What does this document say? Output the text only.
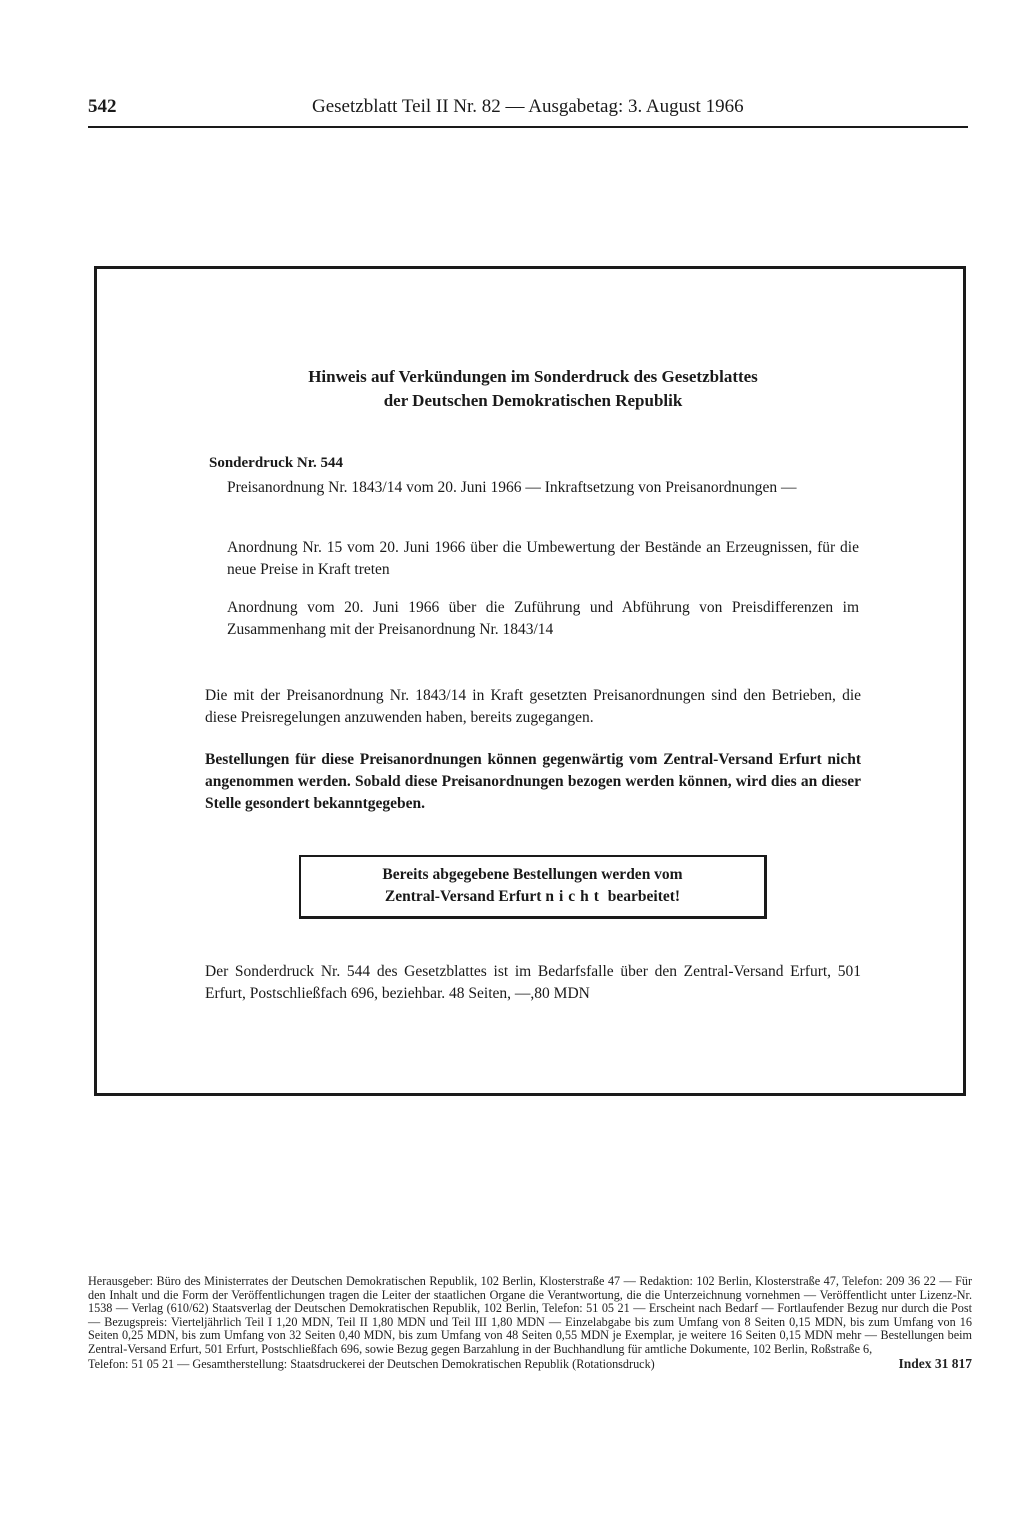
542	Gesetzblatt Teil II Nr. 82 — Ausgabetag: 3. August 1966
Hinweis auf Verkündungen im Sonderdruck des Gesetzblattes
der Deutschen Demokratischen Republik
Sonderdruck Nr. 544
Preisanordnung Nr. 1843/14 vom 20. Juni 1966 — Inkraftsetzung von Preisanordnungen —
Anordnung Nr. 15 vom 20. Juni 1966 über die Umbewertung der Bestände an Erzeugnissen, für die neue Preise in Kraft treten
Anordnung vom 20. Juni 1966 über die Zuführung und Abführung von Preisdifferenzen im Zusammenhang mit der Preisanordnung Nr. 1843/14
Die mit der Preisanordnung Nr. 1843/14 in Kraft gesetzten Preisanordnungen sind den Betrieben, die diese Preisregelungen anzuwenden haben, bereits zugegangen.
Bestellungen für diese Preisanordnungen können gegenwärtig vom Zentral-Versand Erfurt nicht angenommen werden. Sobald diese Preisanordnungen bezogen werden können, wird dies an dieser Stelle gesondert bekanntgegeben.
Bereits abgegebene Bestellungen werden vom
Zentral-Versand Erfurt nicht bearbeitet!
Der Sonderdruck Nr. 544 des Gesetzblattes ist im Bedarfsfalle über den Zentral-Versand Erfurt, 501 Erfurt, Postschließfach 696, beziehbar. 48 Seiten, —,80 MDN
Herausgeber: Büro des Ministerrates der Deutschen Demokratischen Republik, 102 Berlin, Klosterstraße 47 — Redaktion: 102 Berlin, Klosterstraße 47, Telefon: 209 36 22 — Für den Inhalt und die Form der Veröffentlichungen tragen die Leiter der staatlichen Organe die Verantwortung, die die Unterzeichnung vornehmen — Veröffentlicht unter Lizenz-Nr. 1538 — Verlag (610/62) Staatsverlag der Deutschen Demokratischen Republik, 102 Berlin, Telefon: 51 05 21 — Erscheint nach Bedarf — Fortlaufender Bezug nur durch die Post — Bezugspreis: Vierteljährlich Teil I 1,20 MDN, Teil II 1,80 MDN und Teil III 1,80 MDN — Einzelabgabe bis zum Umfang von 8 Seiten 0,15 MDN, bis zum Umfang von 16 Seiten 0,25 MDN, bis zum Umfang von 32 Seiten 0,40 MDN, bis zum Umfang von 48 Seiten 0,55 MDN je Exemplar, je weitere 16 Seiten 0,15 MDN mehr — Bestellungen beim Zentral-Versand Erfurt, 501 Erfurt, Postschließfach 696, sowie Bezug gegen Barzahlung in der Buchhandlung für amtliche Dokumente, 102 Berlin, Roßstraße 6,
Telefon: 51 05 21 — Gesamtherstellung: Staatsdruckerei der Deutschen Demokratischen Republik (Rotationsdruck)	Index 31 817
